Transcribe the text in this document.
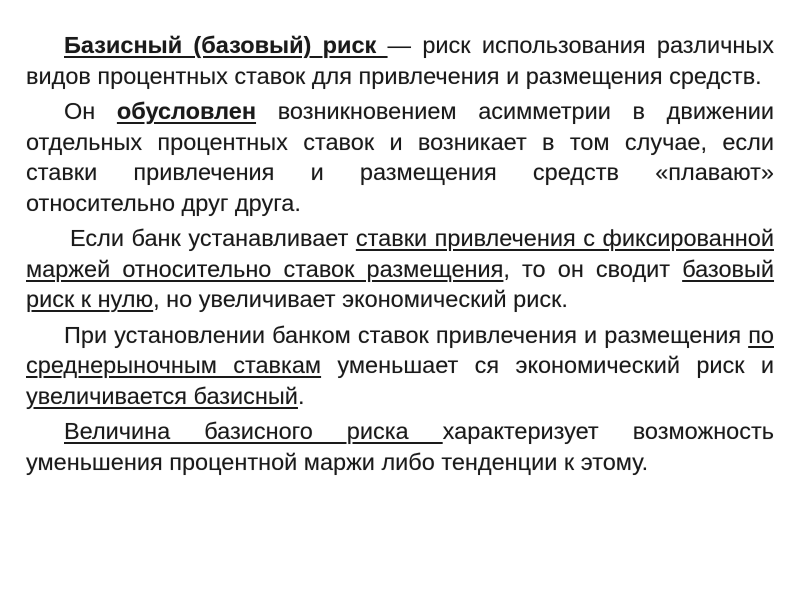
Базисный (базовый) риск — риск использования различных видов процентных ставок для привлечения и размещения средств.

Он обусловлен возникновением асимметрии в движении отдельных процентных ставок и возникает в том случае, если ставки привлечения и размещения средств «плавают» относительно друг друга.

Если банк устанавливает ставки привлечения с фиксированной маржей относительно ставок размещения, то он сводит базовый риск к нулю, но увеличивает экономический риск.

При установлении банком ставок привлечения и размещения по среднерыночным ставкам уменьшает ся экономический риск и увеличивается базисный.

Величина базисного риска характеризует возможность уменьшения процентной маржи либо тенденции к этому.
